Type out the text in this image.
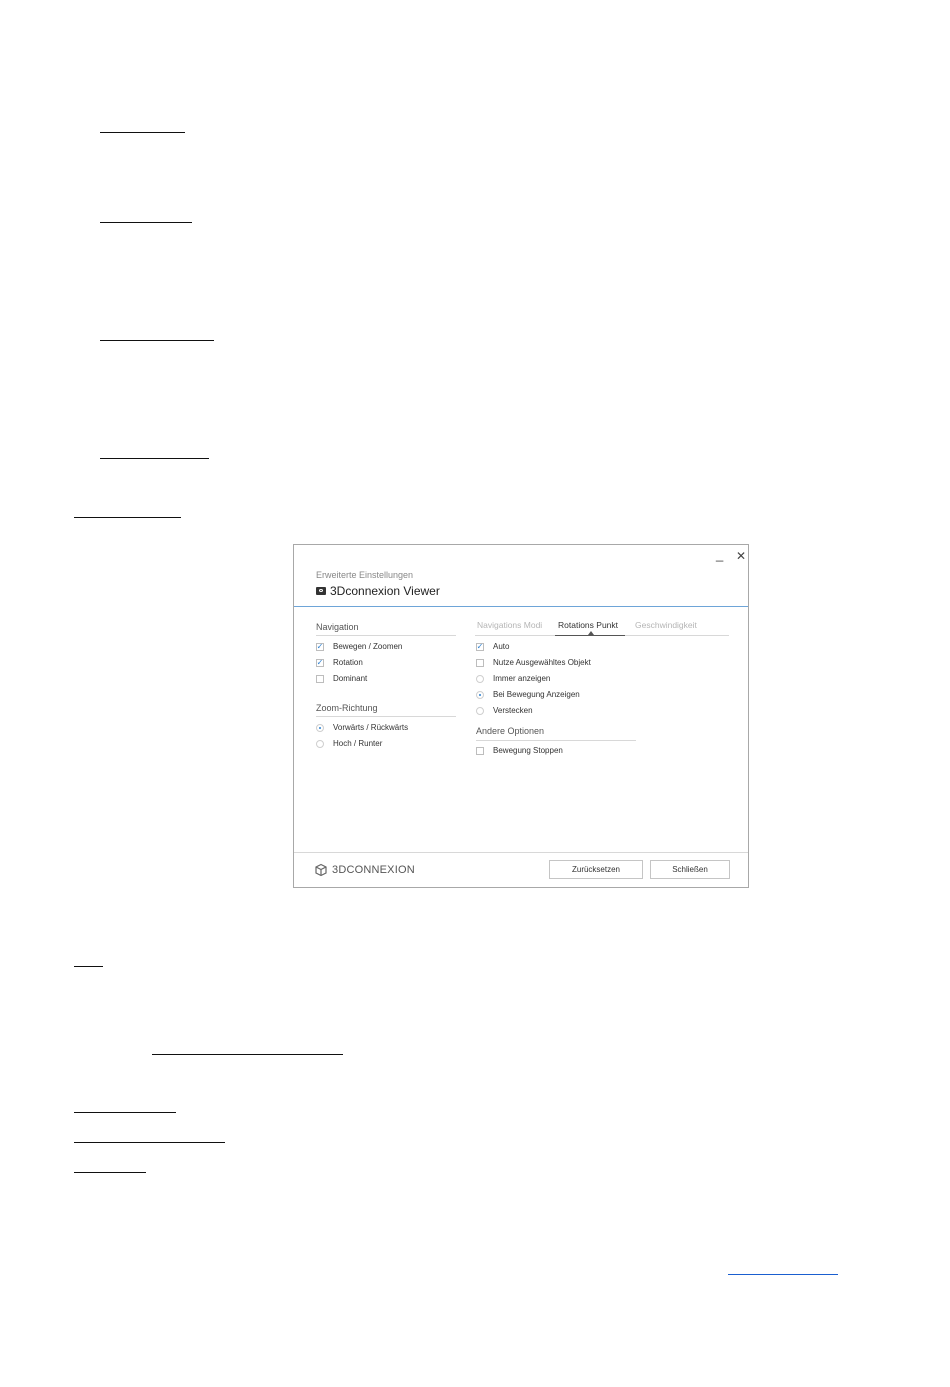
_ ✕
Erweiterte Einstellungen
3Dconnexion Viewer
Navigation
✓
Bewegen / Zoomen
✓
Rotation
Dominant
Zoom-Richtung
Vorwärts / Rückwärts
Hoch / Runter
Navigations Modi Rotations Punkt Geschwindigkeit
✓
Auto
Nutze Ausgewähltes Objekt
Immer anzeigen
Bei Bewegung Anzeigen
Verstecken
Andere Optionen
Bewegung Stoppen
3DCONNEXION	Zurücksetzen	Schließen
